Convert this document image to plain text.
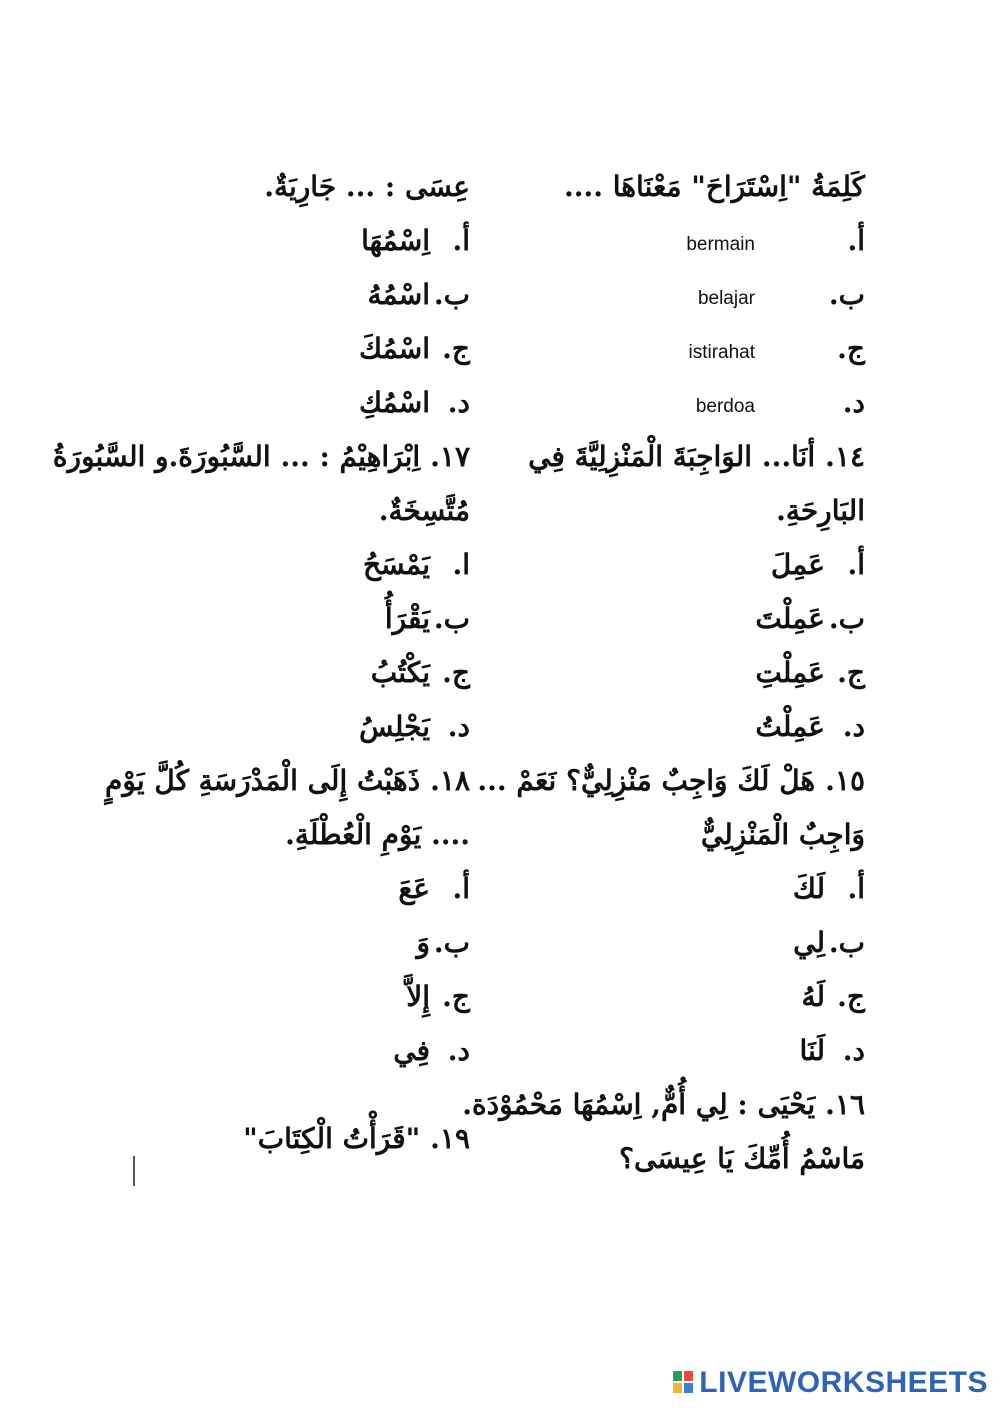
كَلِمَةُ "اِسْتَرَاحَ" مَعْنَاهَا ....
أ.bermain
ب.belajar
ج.istirahat
د.berdoa
١٤.أنَا... الوَاجِبَةَ الْمَنْزِلِيَّةَ فِي
البَارِحَةِ.
أ.عَمِلَ
ب.عَمِلْتَ
ج.عَمِلْتِ
د.عَمِلْتُ
١٥.هَلْ لَكَ وَاجِبٌ مَنْزِلِيٌّ؟ نَعَمْ ...
وَاجِبٌ الْمَنْزِلِيٌّ
أ.لَكَ
ب.لِي
ج.لَهُ
د.لَنَا
١٦.يَحْيَى : لِي أُمٌّ, اِسْمُهَا مَحْمُوْدَة.
مَاسْمُ أُمِّكَ يَا عِيسَى؟
عِسَى : ... جَارِيَةٌ.
أ.اِسْمُهَا
ب.اسْمُهُ
ج.اسْمُكَ
د.اسْمُكِ
١٧.اِبْرَاهِيْمُ : ... السَّبُورَةَ.و السَّبُورَةُ
مُتَّسِخَةٌ.
ا.يَمْسَحُ
ب.يَقْرَأُ
ج.يَكْتُبُ
د.يَجْلِسُ
١٨.ذَهَبْتُ إِلَى الْمَدْرَسَةِ كُلَّ يَوْمٍ
.... يَوْمِ الْعُطْلَةِ.
أ.عَعَ
ب.وَ
ج.إِلاَّ
د.فِي
١٩."قَرَأْتُ الْكِتَابَ"
LIVEWORKSHEETS
